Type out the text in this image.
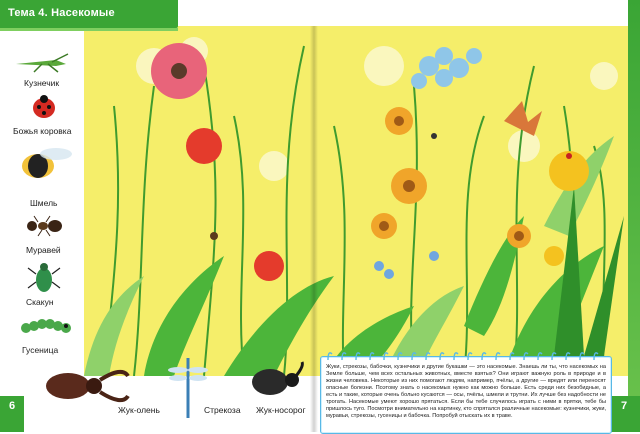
Тема 4. Насекомые
Кузнечик
Божья коровка
Шмель
Муравей
Скакун
Гусеница
Жук-олень	Стрекоза Жук-носорог
6	7
Жуки, стрекозы, бабочки, кузнечики и другие букашки — это насекомые. Знаешь ли ты, что насекомых на Земле больше, чем всех остальных животных, вместе взятых? Они играют важную роль в природе и в жизни человека. Некоторые из них помогают людям, например, пчёлы, а другие — вредят или переносят опасные болезни. Поэтому знать о насекомых нужно как можно больше. Есть среди них безобидные, а есть и такие, которые очень больно кусаются — осы, пчёлы, шмели и трутни. Их лучше без надобности не трогать. Насекомые умеют хорошо прятаться. Если бы тебе случилось играть с ними в прятки, тебе бы пришлось туго. Посмотри внимательно на картинку, кто спрятался различные насекомые: кузнечики, жуки, муравьи, стрекозы, гусеницы и бабочка. Попробуй отыскать их в траве.
